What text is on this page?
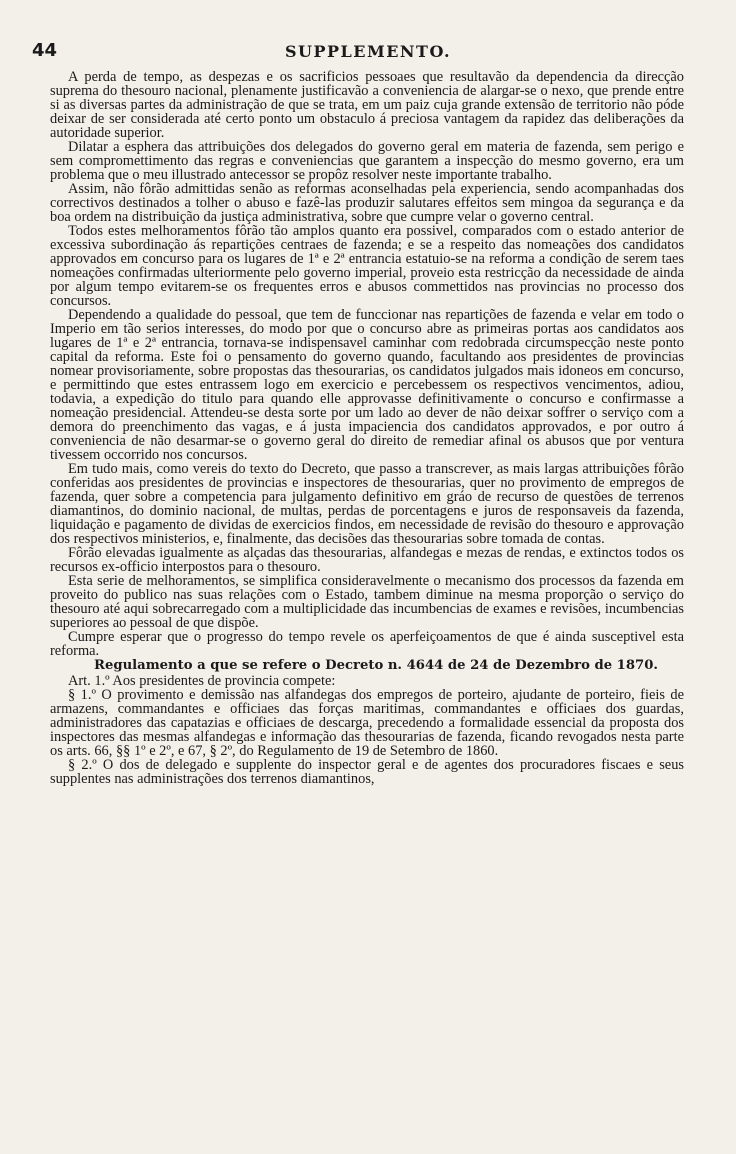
44	SUPPLEMENTO.

A perda de tempo, as despezas e os sacrificios pessoaes que resultavão da dependencia da direcção suprema do thesouro nacional, plenamente justificavão a conveniencia de alargar-se o nexo, que prende entre si as diversas partes da administração de que se trata, em um paiz cuja grande extensão de territorio não póde deixar de ser considerada até certo ponto um obstaculo á preciosa vantagem da rapidez das deliberações da autoridade superior.

Dilatar a esphera das attribuições dos delegados do governo geral em materia de fazenda, sem perigo e sem compromettimento das regras e conveniencias que garantem a inspecção do mesmo governo, era um problema que o meu illustrado antecessor se propôz resolver neste importante trabalho.

Assim, não fôrão admittidas senão as reformas aconselhadas pela experiencia, sendo acompanhadas dos correctivos destinados a tolher o abuso e fazê-las produzir salutares effeitos sem mingoa da segurança e da boa ordem na distribuição da justiça administrativa, sobre que cumpre velar o governo central.

Todos estes melhoramentos fôrão tão amplos quanto era possivel, comparados com o estado anterior de excessiva subordinação ás repartições centraes de fazenda; e se a respeito das nomeações dos candidatos approvados em concurso para os lugares de 1ª e 2ª entrancia estatuio-se na reforma a condição de serem taes nomeações confirmadas ulteriormente pelo governo imperial, proveio esta restricção da necessidade de ainda por algum tempo evitarem-se os frequentes erros e abusos commettidos nas provincias no processo dos concursos.

Dependendo a qualidade do pessoal, que tem de funccionar nas repartições de fazenda e velar em todo o Imperio em tão serios interesses, do modo por que o concurso abre as primeiras portas aos candidatos aos lugares de 1ª e 2ª entrancia, tornava-se indispensavel caminhar com redobrada circumspecção neste ponto capital da reforma. Este foi o pensamento do governo quando, facultando aos presidentes de provincias nomear provisoriamente, sobre propostas das thesourarias, os candidatos julgados mais idoneos em concurso, e permittindo que estes entrassem logo em exercicio e percebessem os respectivos vencimentos, adiou, todavia, a expedição do titulo para quando elle approvasse definitivamente o concurso e confirmasse a nomeação presidencial. Attendeu-se desta sorte por um lado ao dever de não deixar soffrer o serviço com a demora do preenchimento das vagas, e á justa impaciencia dos candidatos approvados, e por outro á conveniencia de não desarmar-se o governo geral do direito de remediar afinal os abusos que por ventura tivessem occorrido nos concursos.

Em tudo mais, como vereis do texto do Decreto, que passo a transcrever, as mais largas attribuições fôrão conferidas aos presidentes de provincias e inspectores de thesourarias, quer no provimento de empregos de fazenda, quer sobre a competencia para julgamento definitivo em gráo de recurso de questões de terrenos diamantinos, do dominio nacional, de multas, perdas de porcentagens e juros de responsaveis da fazenda, liquidação e pagamento de dividas de exercicios findos, em necessidade de revisão do thesouro e approvação dos respectivos ministerios, e, finalmente, das decisões das thesourarias sobre tomada de contas.

Fôrão elevadas igualmente as alçadas das thesourarias, alfandegas e mezas de rendas, e extinctos todos os recursos ex-officio interpostos para o thesouro.

Esta serie de melhoramentos, se simplifica consideravelmente o mecanismo dos processos da fazenda em proveito do publico nas suas relações com o Estado, tambem diminue na mesma proporção o serviço do thesouro até aqui sobrecarregado com a multiplicidade das incumbencias de exames e revisões, incumbencias superiores ao pessoal de que dispõe.

Cumpre esperar que o progresso do tempo revele os aperfeiçoamentos de que é ainda susceptivel esta reforma.

Regulamento a que se refere o Decreto n. 4644 de 24 de Dezembro de 1870.

Art. 1.º Aos presidentes de provincia compete:

§ 1.º O provimento e demissão nas alfandegas dos empregos de porteiro, ajudante de porteiro, fieis de armazens, commandantes e officiaes das forças maritimas, commandantes e officiaes dos guardas, administradores das capatazias e officiaes de descarga, precedendo a formalidade essencial da proposta dos inspectores das mesmas alfandegas e informação das thesourarias de fazenda, ficando revogados nesta parte os arts. 66, §§ 1º e 2º, e 67, § 2º, do Regulamento de 19 de Setembro de 1860.

§ 2.º O dos de delegado e supplente do inspector geral e de agentes dos procuradores fiscaes e seus supplentes nas administrações dos terrenos diamantinos,
